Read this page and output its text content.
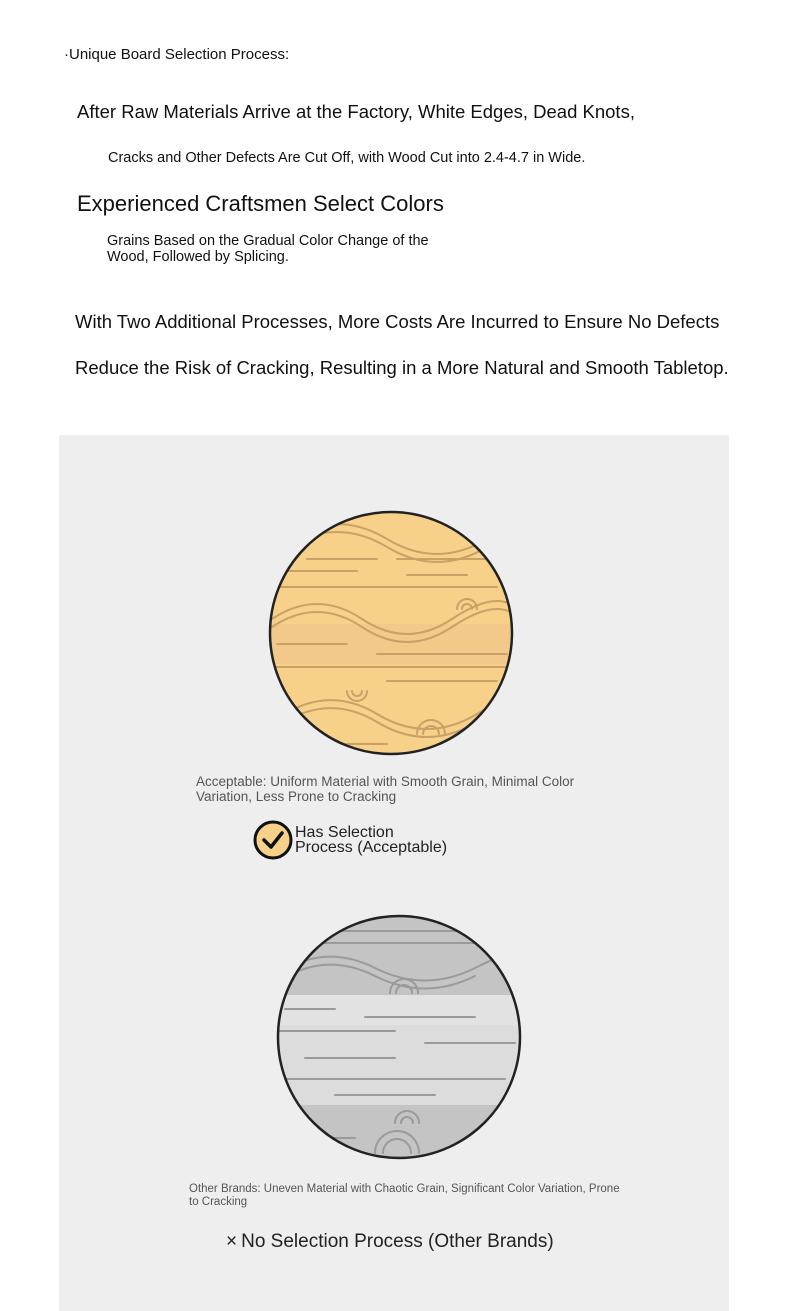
·Unique Board Selection Process:
After Raw Materials Arrive at the Factory, White Edges, Dead Knots,
Cracks and Other Defects Are Cut Off, with Wood Cut into 2.4-4.7 in Wide.
Experienced Craftsmen Select Colors
Grains Based on the Gradual Color Change of the Wood, Followed by Splicing.
With Two Additional Processes, More Costs Are Incurred to Ensure No Defects
Reduce the Risk of Cracking, Resulting in a More Natural and Smooth Tabletop.
Acceptable: Uniform Material with Smooth Grain, Minimal Color Variation, Less Prone to Cracking
Has Selection Process (Acceptable)
Other Brands: Uneven Material with Chaotic Grain, Significant Color Variation, Prone to Cracking
× No Selection Process (Other Brands)
